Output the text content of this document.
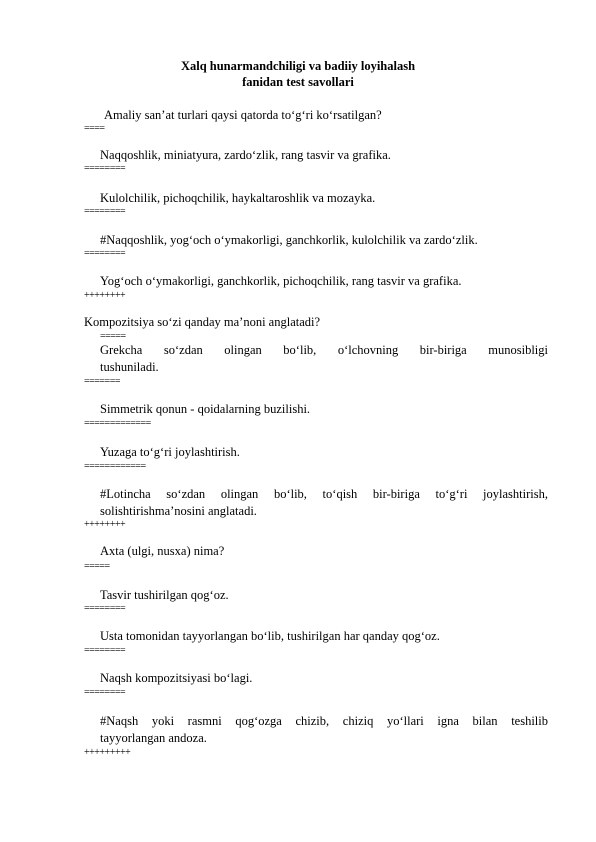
Xalq hunarmandchiligi va badiiy loyihalash
fanidan test savollari
Amaliy san’at turlari qaysi qatorda to‘g‘ri ko‘rsatilgan?
====
Naqqoshlik, miniatyura, zardo‘zlik, rang tasvir va grafika.
========
Kulolchilik, pichoqchilik, haykaltaroshlik va mozayka.
========
#Naqqoshlik, yog‘och o‘ymakorligi, ganchkorlik, kulolchilik va zardo‘zlik.
========
Yog‘och o‘ymakorligi, ganchkorlik, pichoqchilik, rang tasvir va grafika.
++++++++
Kompozitsiya so‘zi qanday ma’noni anglatadi?
=====
Grekcha so‘zdan olingan bo‘lib, o‘lchovning bir-biriga munosibligi
tushuniladi.
=======
Simmetrik qonun - qoidalarning buzilishi.
=============
Yuzaga to‘g‘ri joylashtirish.
============
#Lotincha so‘zdan olingan bo‘lib, to‘qish bir-biriga to‘g‘ri joylashtirish,
solishtirishma’nosini anglatadi.
++++++++
Axta (ulgi, nusxa) nima?
=====
Tasvir tushirilgan qog‘oz.
========
Usta tomonidan tayyorlangan bo‘lib, tushirilgan har qanday qog‘oz.
========
Naqsh kompozitsiyasi bo‘lagi.
========
#Naqsh yoki rasmni qog‘ozga chizib, chiziq yo‘llari igna bilan teshilib
tayyorlangan andoza.
+++++++++
